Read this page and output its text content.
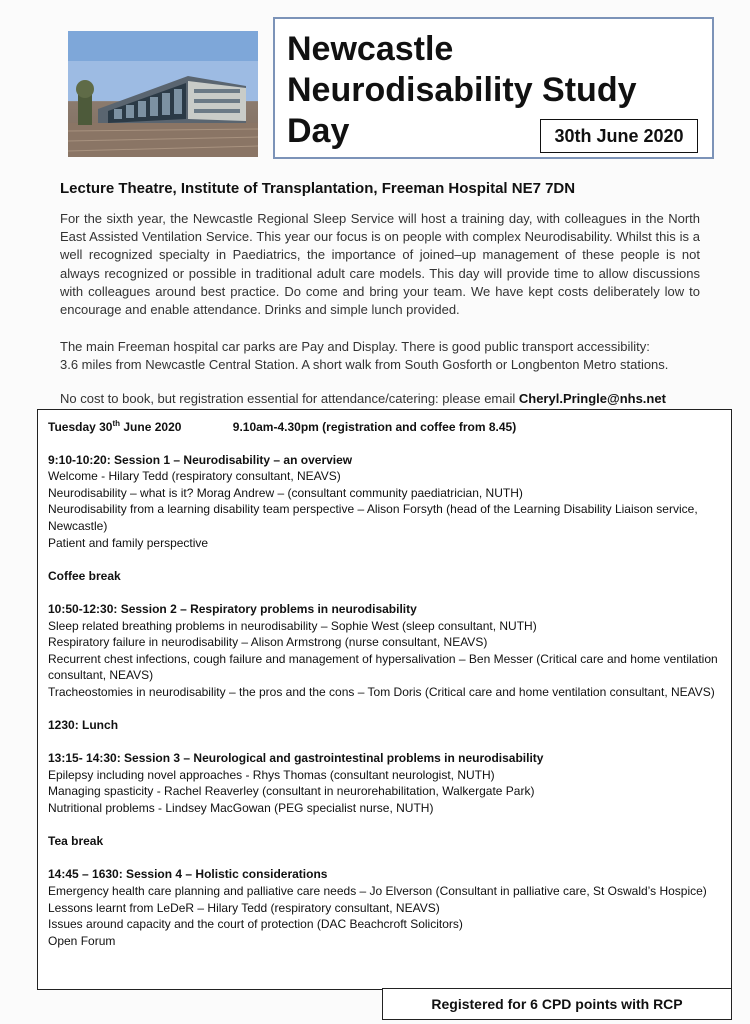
Newcastle Neurodisability Study Day	30th June 2020
Lecture Theatre, Institute of Transplantation, Freeman Hospital NE7 7DN
For the sixth year, the Newcastle Regional Sleep Service will host a training day, with colleagues in the North East Assisted Ventilation Service. This year our focus is on people with complex Neurodisability. Whilst this is a well recognized specialty in Paediatrics, the importance of joined–up management of these people is not always recognized or possible in traditional adult care models. This day will provide time to allow discussions with colleagues around best practice. Do come and bring your team. We have kept costs deliberately low to encourage and enable attendance. Drinks and simple lunch provided.
The main Freeman hospital car parks are Pay and Display. There is good public transport accessibility:
3.6 miles from Newcastle Central Station. A short walk from South Gosforth or Longbenton Metro stations.
No cost to book, but registration essential for attendance/catering: please email Cheryl.Pringle@nhs.net
Tuesday 30th June 2020	9.10am-4.30pm (registration and coffee from 8.45)
9:10-10:20: Session 1 – Neurodisability – an overview
Welcome - Hilary Tedd (respiratory consultant, NEAVS)
Neurodisability – what is it? Morag Andrew – (consultant community paediatrician, NUTH)
Neurodisability from a learning disability team perspective – Alison Forsyth (head of the Learning Disability Liaison service, Newcastle)
Patient and family perspective
Coffee break
10:50-12:30: Session 2 – Respiratory problems in neurodisability
Sleep related breathing problems in neurodisability – Sophie West (sleep consultant, NUTH)
Respiratory failure in neurodisability – Alison Armstrong (nurse consultant, NEAVS)
Recurrent chest infections, cough failure and management of hypersalivation – Ben Messer (Critical care and home ventilation consultant, NEAVS)
Tracheostomies in neurodisability – the pros and the cons – Tom Doris (Critical care and home ventilation consultant, NEAVS)
1230: Lunch
13:15- 14:30: Session 3 – Neurological and gastrointestinal problems in neurodisability
Epilepsy including novel approaches - Rhys Thomas (consultant neurologist, NUTH)
Managing spasticity - Rachel Reaverley (consultant in neurorehabilitation, Walkergate Park)
Nutritional problems - Lindsey MacGowan (PEG specialist nurse, NUTH)
Tea break
14:45 – 1630: Session 4 – Holistic considerations
Emergency health care planning and palliative care needs – Jo Elverson (Consultant in palliative care, St Oswald’s Hospice)
Lessons learnt from LeDeR – Hilary Tedd (respiratory consultant, NEAVS)
Issues around capacity and the court of protection (DAC Beachcroft Solicitors)
Open Forum
Registered for 6 CPD points with RCP
